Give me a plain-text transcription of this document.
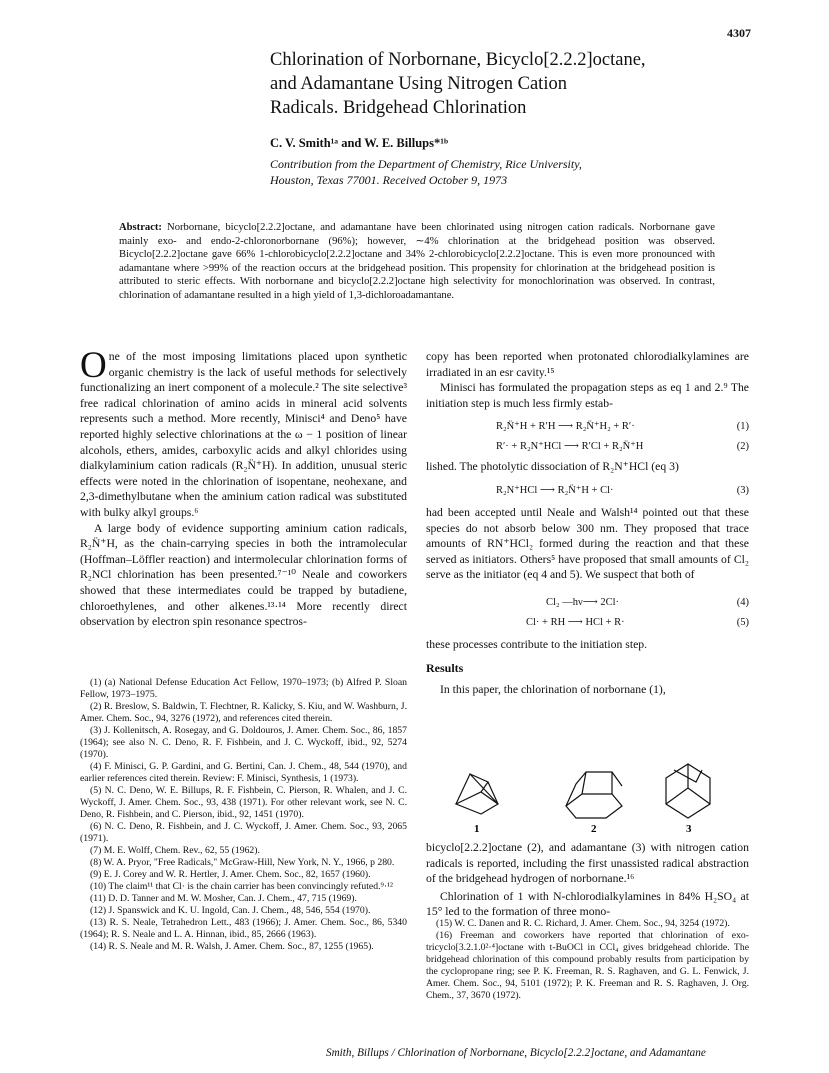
4307
Chlorination of Norbornane, Bicyclo[2.2.2]octane,
and Adamantane Using Nitrogen Cation
Radicals. Bridgehead Chlorination
C. V. Smith¹ᵃ and W. E. Billups*¹ᵇ
Contribution from the Department of Chemistry, Rice University,
Houston, Texas 77001. Received October 9, 1973
Abstract: Norbornane, bicyclo[2.2.2]octane, and adamantane have been chlorinated using nitrogen cation radicals. Norbornane gave mainly exo- and endo-2-chloronorbornane (96%); however, ∼4% chlorination at the bridgehead position was observed. Bicyclo[2.2.2]octane gave 66% 1-chlorobicyclo[2.2.2]octane and 34% 2-chlorobicyclo[2.2.2]octane. This is even more pronounced with adamantane where >99% of the reaction occurs at the bridgehead position. This propensity for chlorination at the bridgehead position is attributed to steric effects. With norbornane and bicyclo[2.2.2]octane high selectivity for monochlorination was observed. In contrast, chlorination of adamantane resulted in a high yield of 1,3-dichloroadamantane.

One of the most imposing limitations placed upon synthetic organic chemistry is the lack of useful methods for selectively functionalizing an inert component of a molecule.² The site selective³ free radical chlorination of amino acids in mineral acid solvents represents such a method. More recently, Minisci⁴ and Deno⁵ have reported highly selective chlorinations at the ω − 1 position of linear alcohols, ethers, amides, carboxylic acids and alkyl chlorides using dialkylaminium cation radicals (R₂N̈⁺H). In addition, unusual steric effects were noted in the chlorination of isopentane, neohexane, and 2,3-dimethylbutane when the aminium cation radical was substituted with bulky alkyl groups.⁶

A large body of evidence supporting aminium cation radicals, R₂N̈⁺H, as the chain-carrying species in both the intramolecular (Hoffman–Löffler reaction) and intermolecular chlorination forms of R₂NCl chlorination has been presented.⁷⁻¹⁰ Neale and coworkers showed that these intermediates could be trapped by butadiene, chloroethylenes, and other alkenes.¹³·¹⁴ More recently direct observation by electron spin resonance spectros-

(1) (a) National Defense Education Act Fellow, 1970–1973; (b) Alfred P. Sloan Fellow, 1973–1975.

(2) R. Breslow, S. Baldwin, T. Flechtner, R. Kalicky, S. Kiu, and W. Washburn, J. Amer. Chem. Soc., 94, 3276 (1972), and references cited therein.

(3) J. Kollenitsch, A. Rosegay, and G. Doldouros, J. Amer. Chem. Soc., 86, 1857 (1964); see also N. C. Deno, R. F. Fishbein, and J. C. Wyckoff, ibid., 92, 5274 (1970).

(4) F. Minisci, G. P. Gardini, and G. Bertini, Can. J. Chem., 48, 544 (1970), and earlier references cited therein. Review: F. Minisci, Synthesis, 1 (1973).

(5) N. C. Deno, W. E. Billups, R. F. Fishbein, C. Pierson, R. Whalen, and J. C. Wyckoff, J. Amer. Chem. Soc., 93, 438 (1971). For other relevant work, see N. C. Deno, R. Fishbein, and C. Pierson, ibid., 92, 1451 (1970).

(6) N. C. Deno, R. Fishbein, and J. C. Wyckoff, J. Amer. Chem. Soc., 93, 2065 (1971).

(7) M. E. Wolff, Chem. Rev., 62, 55 (1962).

(8) W. A. Pryor, "Free Radicals," McGraw-Hill, New York, N. Y., 1966, p 280.

(9) E. J. Corey and W. R. Hertler, J. Amer. Chem. Soc., 82, 1657 (1960).

(10) The claim¹¹ that Cl· is the chain carrier has been convincingly refuted.⁹·¹²

(11) D. D. Tanner and M. W. Mosher, Can. J. Chem., 47, 715 (1969).

(12) J. Spanswick and K. U. Ingold, Can. J. Chem., 48, 546, 554 (1970).

(13) R. S. Neale, Tetrahedron Lett., 483 (1966); J. Amer. Chem. Soc., 86, 5340 (1964); R. S. Neale and L. A. Hinnan, ibid., 85, 2666 (1963).

(14) R. S. Neale and M. R. Walsh, J. Amer. Chem. Soc., 87, 1255 (1965).

copy has been reported when protonated chlorodialkylamines are irradiated in an esr cavity.¹⁵

Minisci has formulated the propagation steps as eq 1 and 2.⁹ The initiation step is much less firmly estab-

R₂N̈⁺H + R′H ⟶ R₂N̈⁺H₂ + R′·	(1)
R′· + R₂N⁺HCl ⟶ R′Cl + R₂N̈⁺H	(2)

lished. The photolytic dissociation of R₂N⁺HCl (eq 3)

R₂N⁺HCl ⟶ R₂N̈⁺H + Cl·	(3)

had been accepted until Neale and Walsh¹⁴ pointed out that these species do not absorb below 300 nm. They proposed that trace amounts of RN⁺HCl₂ formed during the reaction and that these served as initiators. Others⁵ have proposed that small amounts of Cl₂ serve as the initiator (eq 4 and 5). We suspect that both of

Cl₂ —hν⟶ 2Cl·	(4)
Cl· + RH ⟶ HCl + R·	(5)

these processes contribute to the initiation step.

Results

In this paper, the chlorination of norbornane (1),

1	2	3

bicyclo[2.2.2]octane (2), and adamantane (3) with nitrogen cation radicals is reported, including the first unassisted radical abstraction of the bridgehead hydrogen of norbornane.¹⁶

Chlorination of 1 with N-chlorodialkylamines in 84% H₂SO₄ at 15° led to the formation of three mono-

(15) W. C. Danen and R. C. Richard, J. Amer. Chem. Soc., 94, 3254 (1972).

(16) Freeman and coworkers have reported that chlorination of exo-tricyclo[3.2.1.0²·⁴]octane with t-BuOCl in CCl₄ gives bridgehead chloride. The bridgehead chlorination of this compound probably results from participation by the cyclopropane ring; see P. K. Freeman, R. S. Raghaven, and G. L. Fenwick, J. Amer. Chem. Soc., 94, 5101 (1972); P. K. Freeman and R. S. Raghaven, J. Org. Chem., 37, 3670 (1972).

Smith, Billups / Chlorination of Norbornane, Bicyclo[2.2.2]octane, and Adamantane
